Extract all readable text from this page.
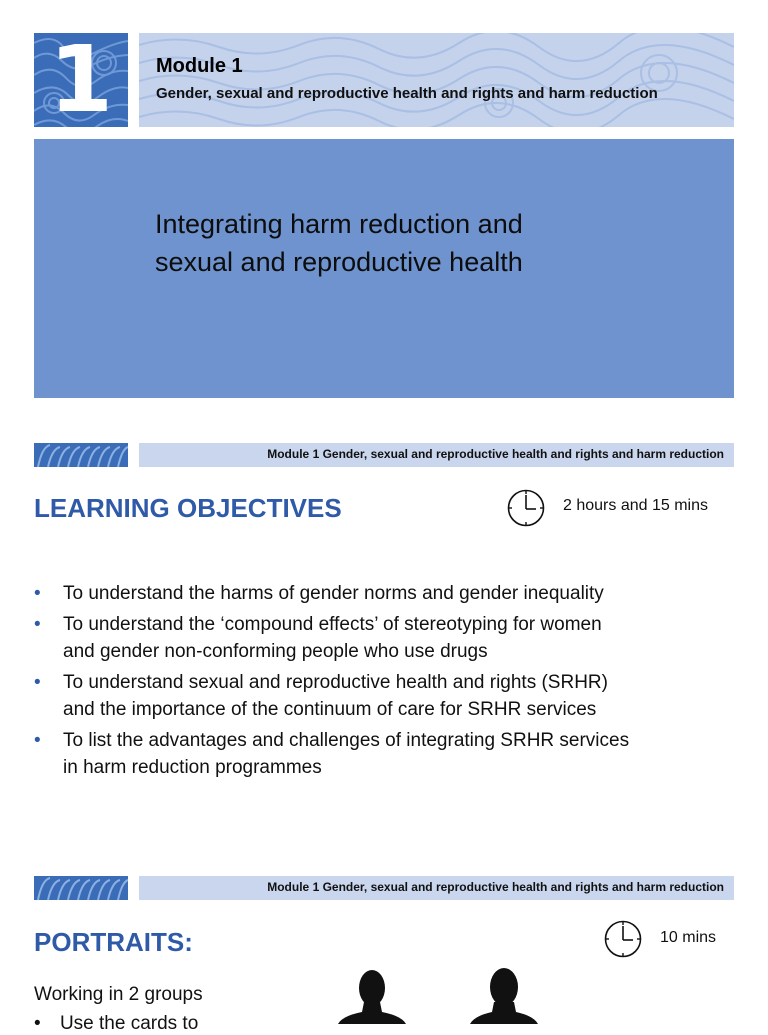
1	Module 1
Gender, sexual and reproductive health and rights and harm reduction
Integrating harm reduction and
sexual and reproductive health
Module 1 Gender, sexual and reproductive health and rights and harm reduction
LEARNING OBJECTIVES	2 hours and 15 mins
• To understand the harms of gender norms and gender inequality
• To understand the ‘compound effects’ of stereotyping for women
and gender non-conforming people who use drugs
• To understand sexual and reproductive health and rights (SRHR)
and the importance of the continuum of care for SRHR services
• To list the advantages and challenges of integrating SRHR services
in harm reduction programmes
Module 1 Gender, sexual and reproductive health and rights and harm reduction
PORTRAITS:	10 mins
Working in 2 groups
• Use the cards to
